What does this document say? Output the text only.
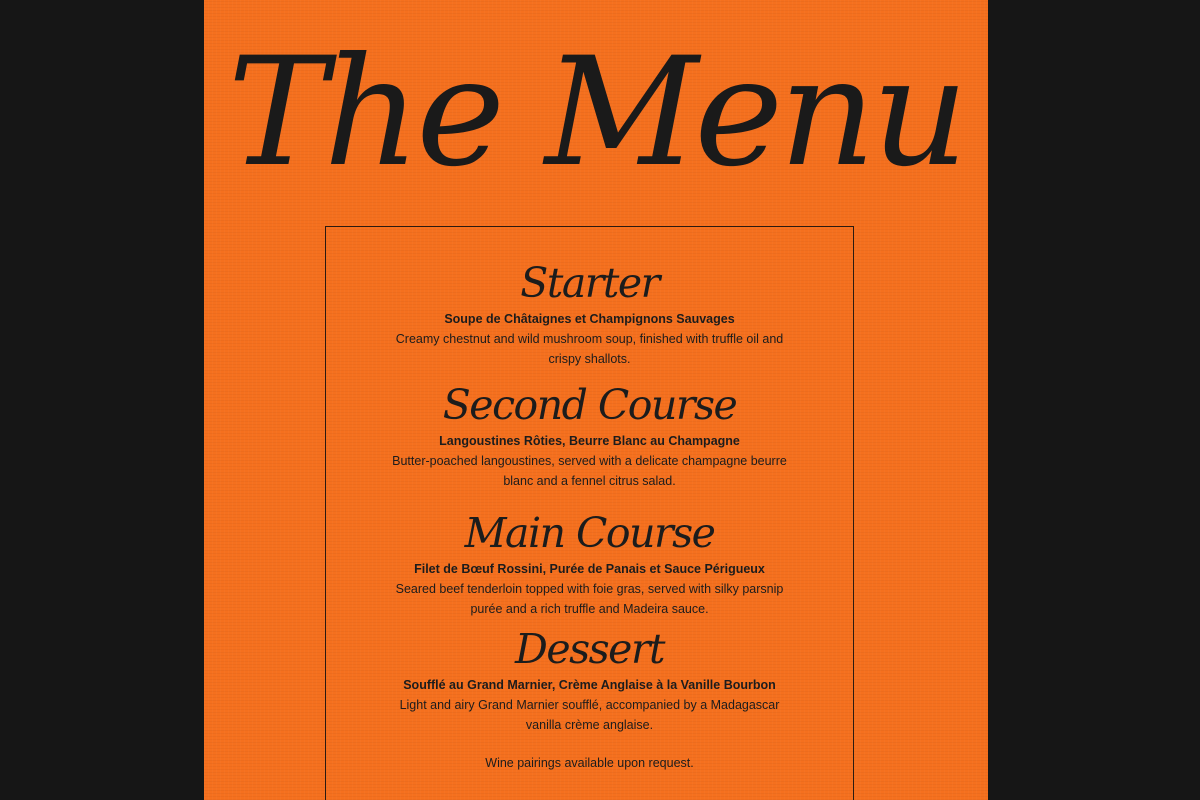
The Menu
Starter
Soupe de Châtaignes et Champignons Sauvages
Creamy chestnut and wild mushroom soup, finished with truffle oil and crispy shallots.
Second Course
Langoustines Rôties, Beurre Blanc au Champagne
Butter-poached langoustines, served with a delicate champagne beurre blanc and a fennel citrus salad.
Main Course
Filet de Bœuf Rossini, Purée de Panais et Sauce Périgueux
Seared beef tenderloin topped with foie gras, served with silky parsnip purée and a rich truffle and Madeira sauce.
Dessert
Soufflé au Grand Marnier, Crème Anglaise à la Vanille Bourbon
Light and airy Grand Marnier soufflé, accompanied by a Madagascar vanilla crème anglaise.
Wine pairings available upon request.
